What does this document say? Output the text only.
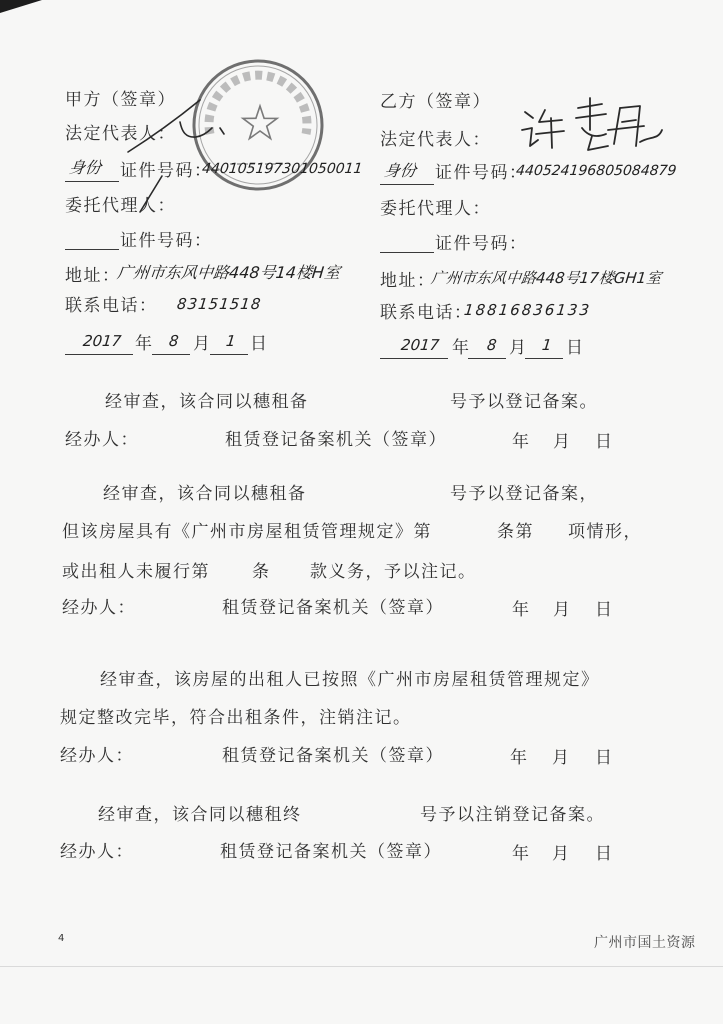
甲方（签章）
法定代表人：
身份 证件号码：
440105197301050011
委托代理人：
证件号码：
地址：
广州市东风中路448号14楼H室
联系电话： 83151518
2017 年 8 月 1 日
乙方（签章）
法定代表人：
身份 证件号码：
440524196805084879
委托代理人：
证件号码：
地址：
广州市东风中路448号17楼GH1室
联系电话：
18816836133
2017 年 8 月 1 日
经审查，该合同以穗租备	号予以登记备案。
经办人：	租赁登记备案机关（签章）	年 月 日
经审查，该合同以穗租备	号予以登记备案，
但该房屋具有《广州市房屋租赁管理规定》第	条第 项情形，
或出租人未履行第 条 款义务，予以注记。
经办人：	租赁登记备案机关（签章）	年 月 日
经审查，该房屋的出租人已按照《广州市房屋租赁管理规定》
规定整改完毕，符合出租条件，注销注记。
经办人：	租赁登记备案机关（签章）	年 月 日
经审查，该合同以穗租终	号予以注销登记备案。
经办人：	租赁登记备案机关（签章）	年 月 日
4	广州市国土资源
